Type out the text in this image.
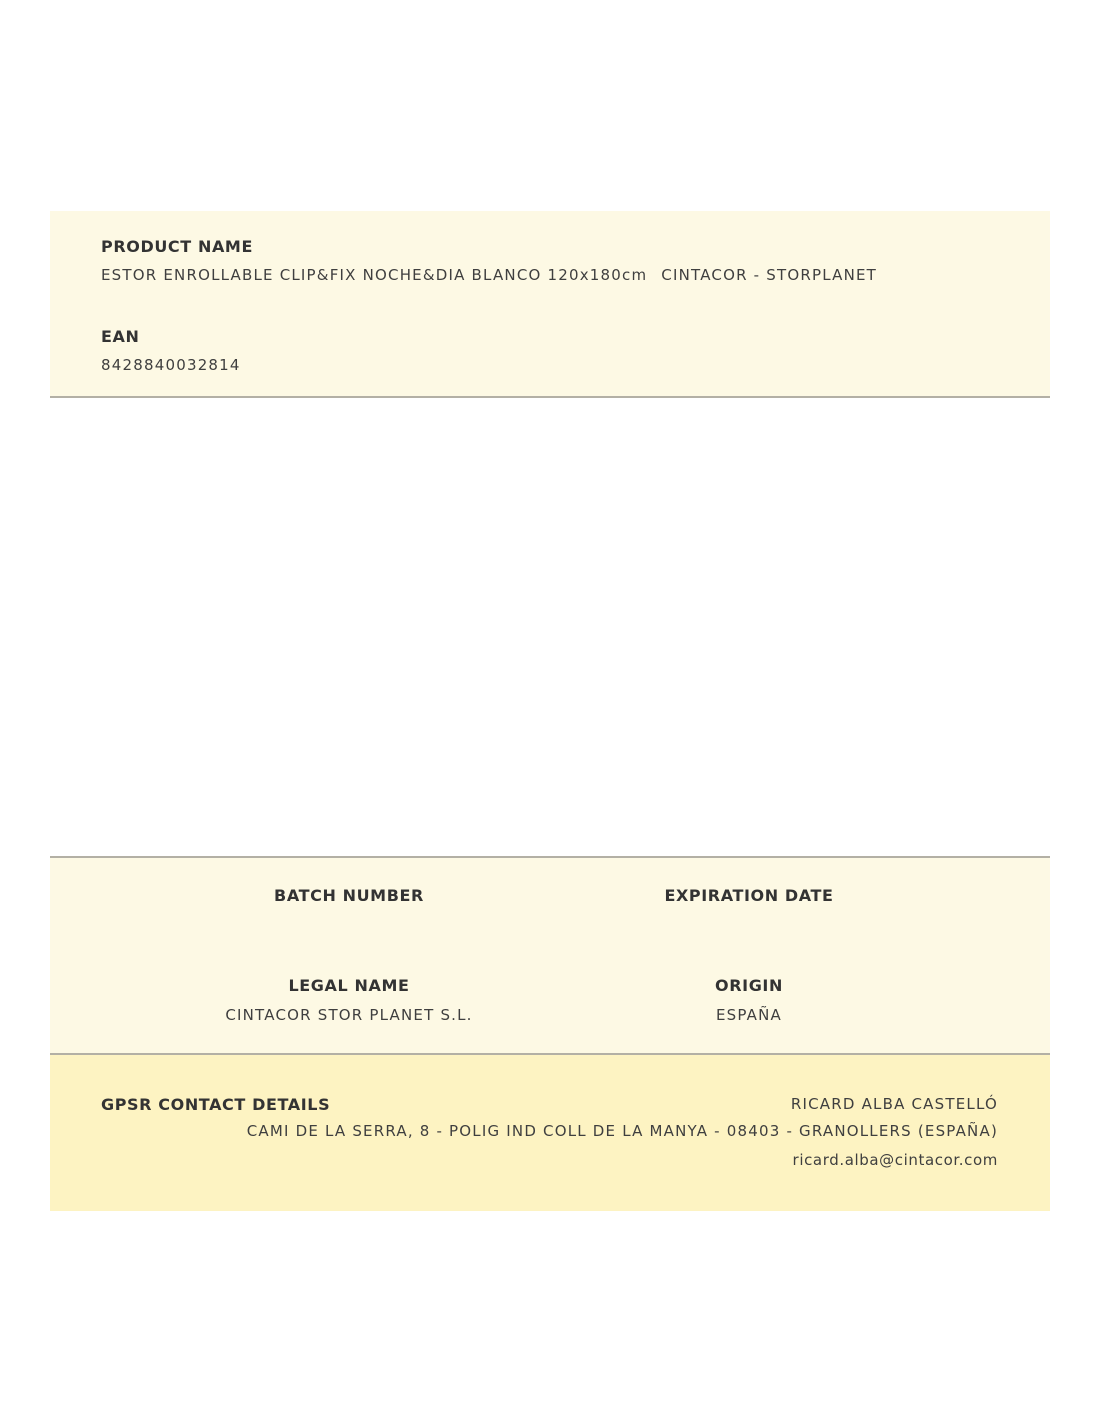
PRODUCT NAME
ESTOR ENROLLABLE CLIP&FIX NOCHE&DIA BLANCO 120x180cm CINTACOR - STORPLANET
EAN
8428840032814
BATCH NUMBER	EXPIRATION DATE
LEGAL NAME
CINTACOR STOR PLANET S.L.
ORIGIN
ESPAÑA
GPSR CONTACT DETAILS	RICARD ALBA CASTELLÓ
CAMI DE LA SERRA, 8 - POLIG IND COLL DE LA MANYA - 08403 - GRANOLLERS (ESPAÑA)
ricard.alba@cintacor.com
